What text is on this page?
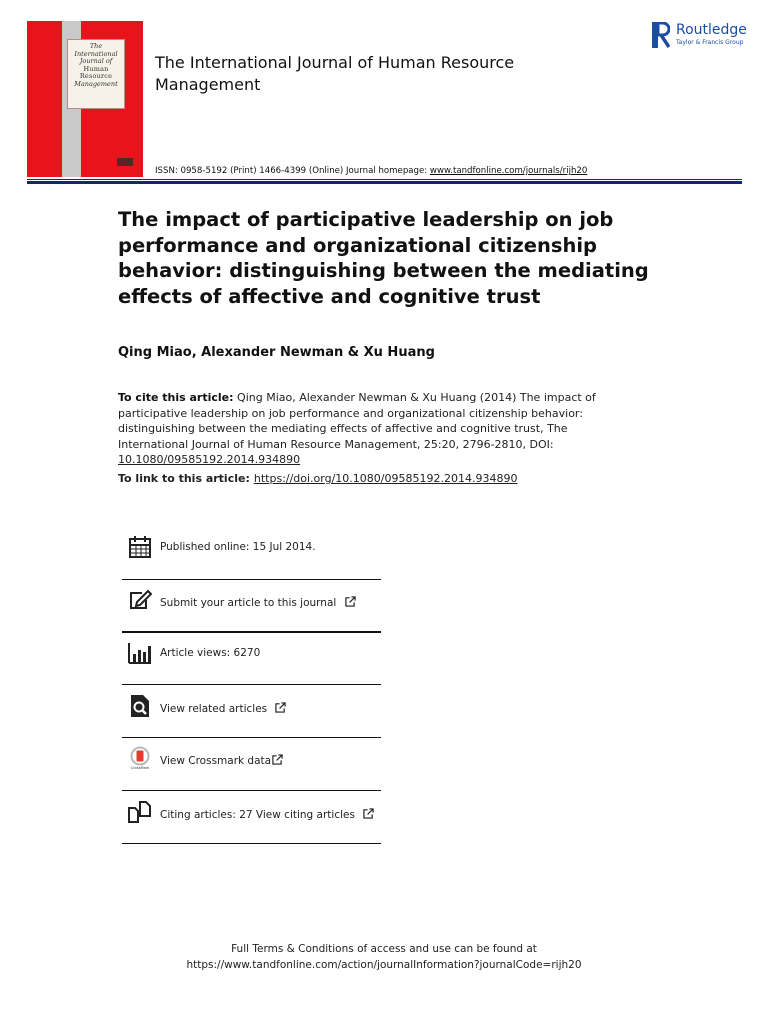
The
International
Journal of
Human
Resource
Management
The International Journal of Human Resource Management
Routledge
Taylor & Francis Group
ISSN: 0958-5192 (Print) 1466-4399 (Online) Journal homepage: www.tandfonline.com/journals/rijh20
The impact of participative leadership on job performance and organizational citizenship behavior: distinguishing between the mediating effects of affective and cognitive trust
Qing Miao, Alexander Newman & Xu Huang
To cite this article: Qing Miao, Alexander Newman & Xu Huang (2014) The impact of participative leadership on job performance and organizational citizenship behavior: distinguishing between the mediating effects of affective and cognitive trust, The International Journal of Human Resource Management, 25:20, 2796-2810, DOI: 10.1080/09585192.2014.934890
To link to this article: https://doi.org/10.1080/09585192.2014.934890
Published online: 15 Jul 2014.
Submit your article to this journal
Article views: 6270
View related articles
CrossMark
View Crossmark data
Citing articles: 27 View citing articles
Full Terms & Conditions of access and use can be found at
https://www.tandfonline.com/action/journalInformation?journalCode=rijh20
